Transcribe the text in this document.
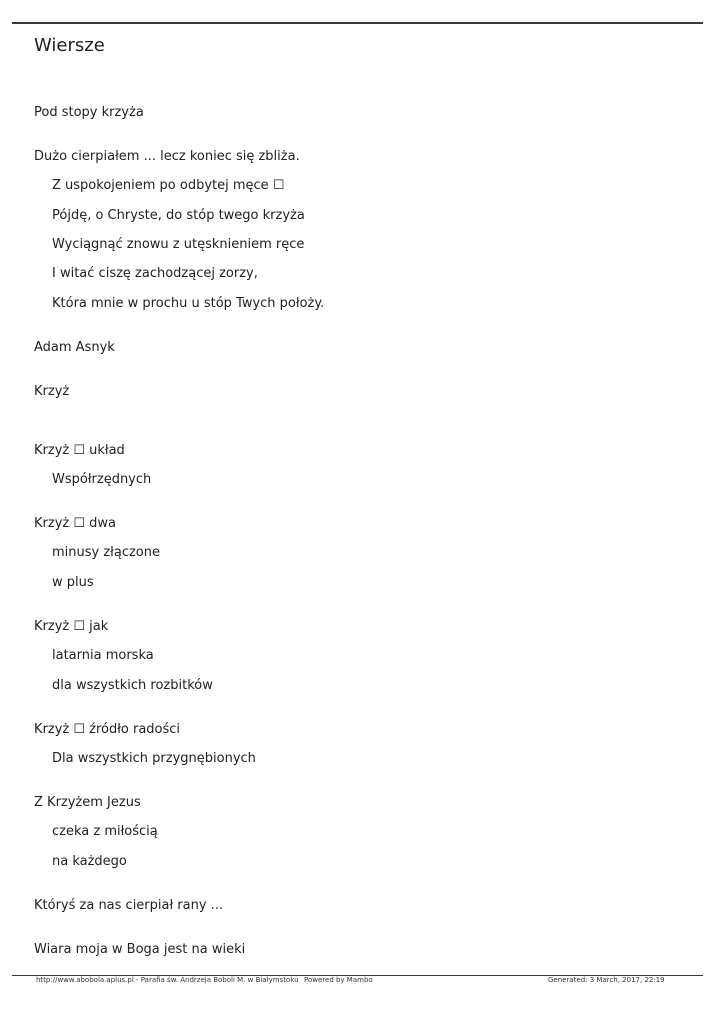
Wiersze
Pod stopy krzyża
Dużo cierpiałem ... lecz koniec się zbliża.
Z uspokojeniem po odbytej męce ☐
Pójdę, o Chryste, do stóp twego krzyża
Wyciągnąć znowu z utęsknieniem ręce
I witać ciszę zachodzącej zorzy,
Która mnie w prochu u stóp Twych położy.
Adam Asnyk
Krzyż
Krzyż ☐ układ
Współrzędnych
Krzyż ☐ dwa
minusy złączone
w plus
Krzyż ☐ jak
latarnia morska
dla wszystkich rozbitków
Krzyż ☐ źródło radości
Dla wszystkich przygnębionych
Z Krzyżem Jezus
czeka z miłością
na każdego
Któryś za nas cierpiał rany ...
Wiara moja w Boga jest na wieki
http://www.abobola.aplus.pl - Parafia św. Andrzeja Boboli M. w Białymstoku Powered by Mambo	Generated: 3 March, 2017, 22:19
